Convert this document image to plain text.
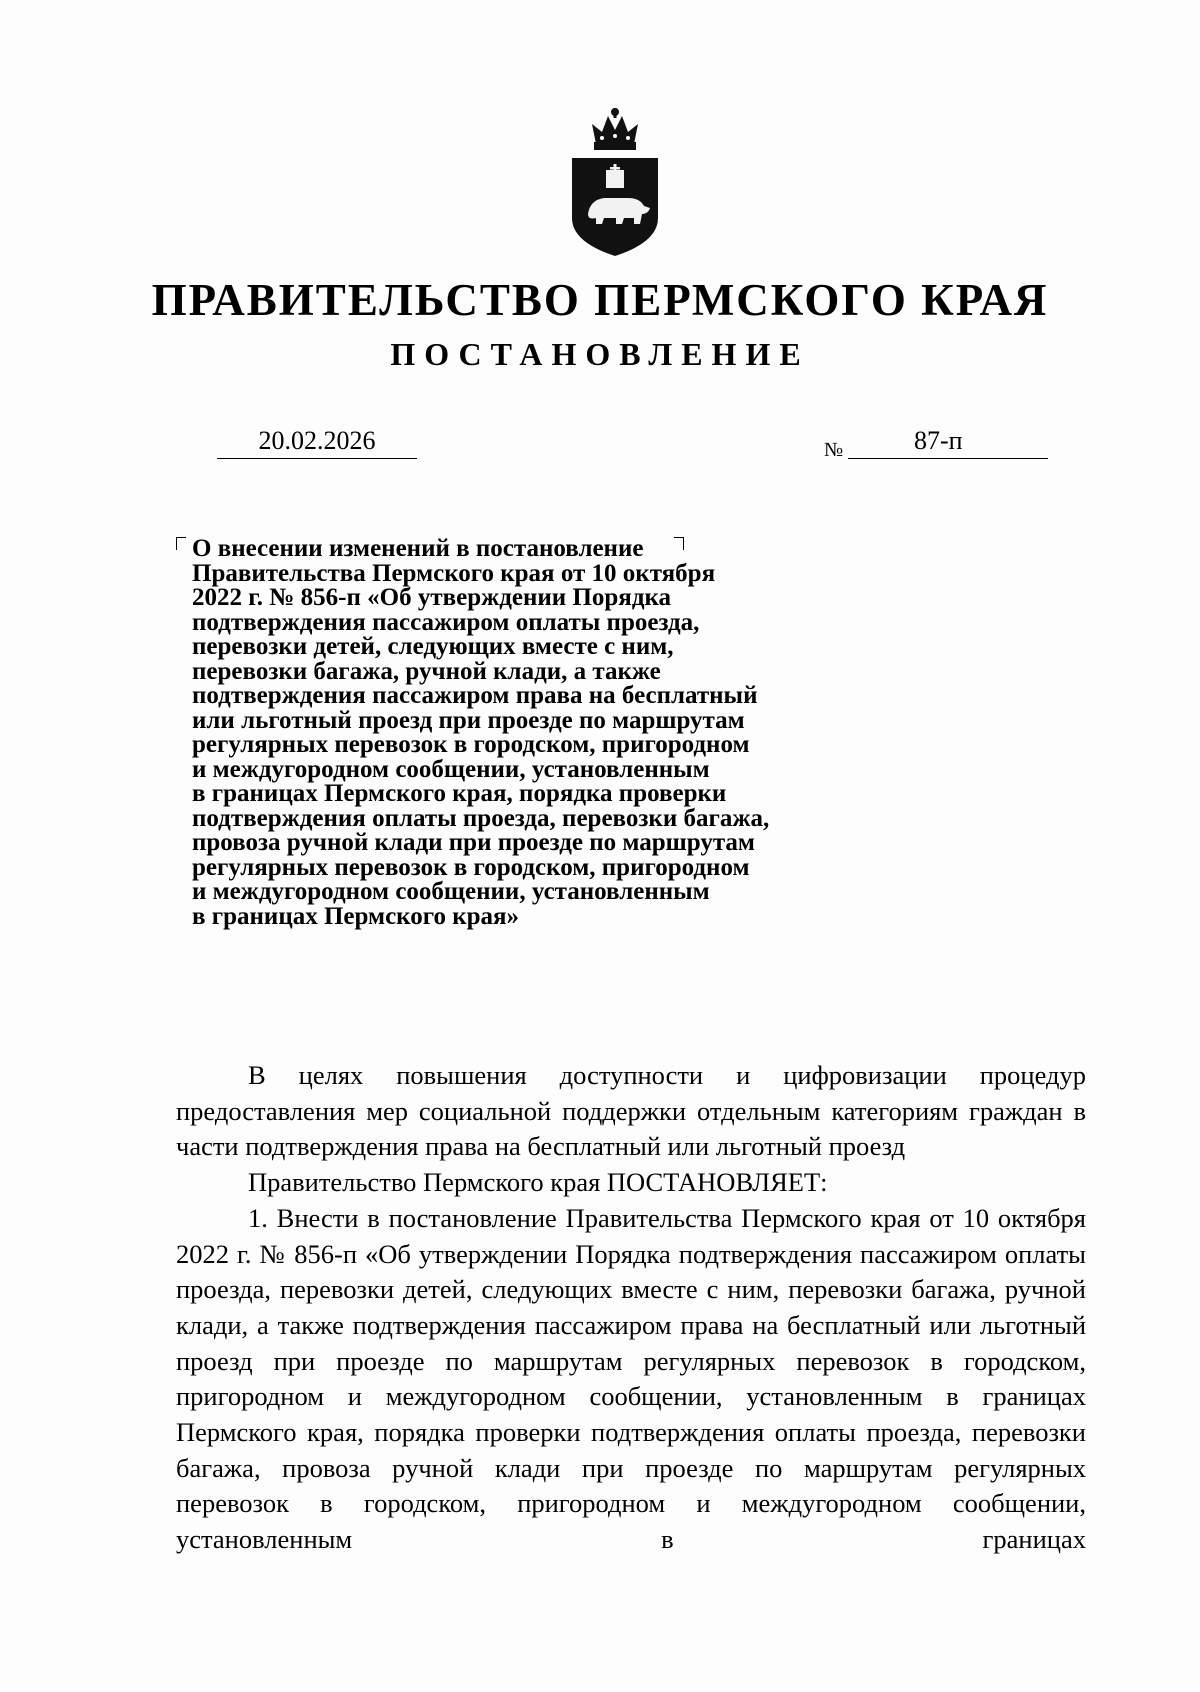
ПРАВИТЕЛЬСТВО ПЕРМСКОГО КРАЯ
ПОСТАНОВЛЕНИЕ
20.02.2026	№	87-п
О внесении изменений в постановление
Правительства Пермского края от 10 октября
2022 г. № 856-п «Об утверждении Порядка
подтверждения пассажиром оплаты проезда,
перевозки детей, следующих вместе с ним,
перевозки багажа, ручной клади, а также
подтверждения пассажиром права на бесплатный
или льготный проезд при проезде по маршрутам
регулярных перевозок в городском, пригородном
и междугородном сообщении, установленным
в границах Пермского края, порядка проверки
подтверждения оплаты проезда, перевозки багажа,
провоза ручной клади при проезде по маршрутам
регулярных перевозок в городском, пригородном
и междугородном сообщении, установленным
в границах Пермского края»

В целях повышения доступности и цифровизации процедур предоставления мер социальной поддержки отдельным категориям граждан в части подтверждения права на бесплатный или льготный проезд

Правительство Пермского края ПОСТАНОВЛЯЕТ:

1. Внести в постановление Правительства Пермского края от 10 октября 2022 г. № 856-п «Об утверждении Порядка подтверждения пассажиром оплаты проезда, перевозки детей, следующих вместе с ним, перевозки багажа, ручной клади, а также подтверждения пассажиром права на бесплатный или льготный проезд при проезде по маршрутам регулярных перевозок в городском, пригородном и междугородном сообщении, установленным в границах Пермского края, порядка проверки подтверждения оплаты проезда, перевозки багажа, провоза ручной клади при проезде по маршрутам регулярных перевозок в городском, пригородном и междугородном сообщении, установленным в границах
